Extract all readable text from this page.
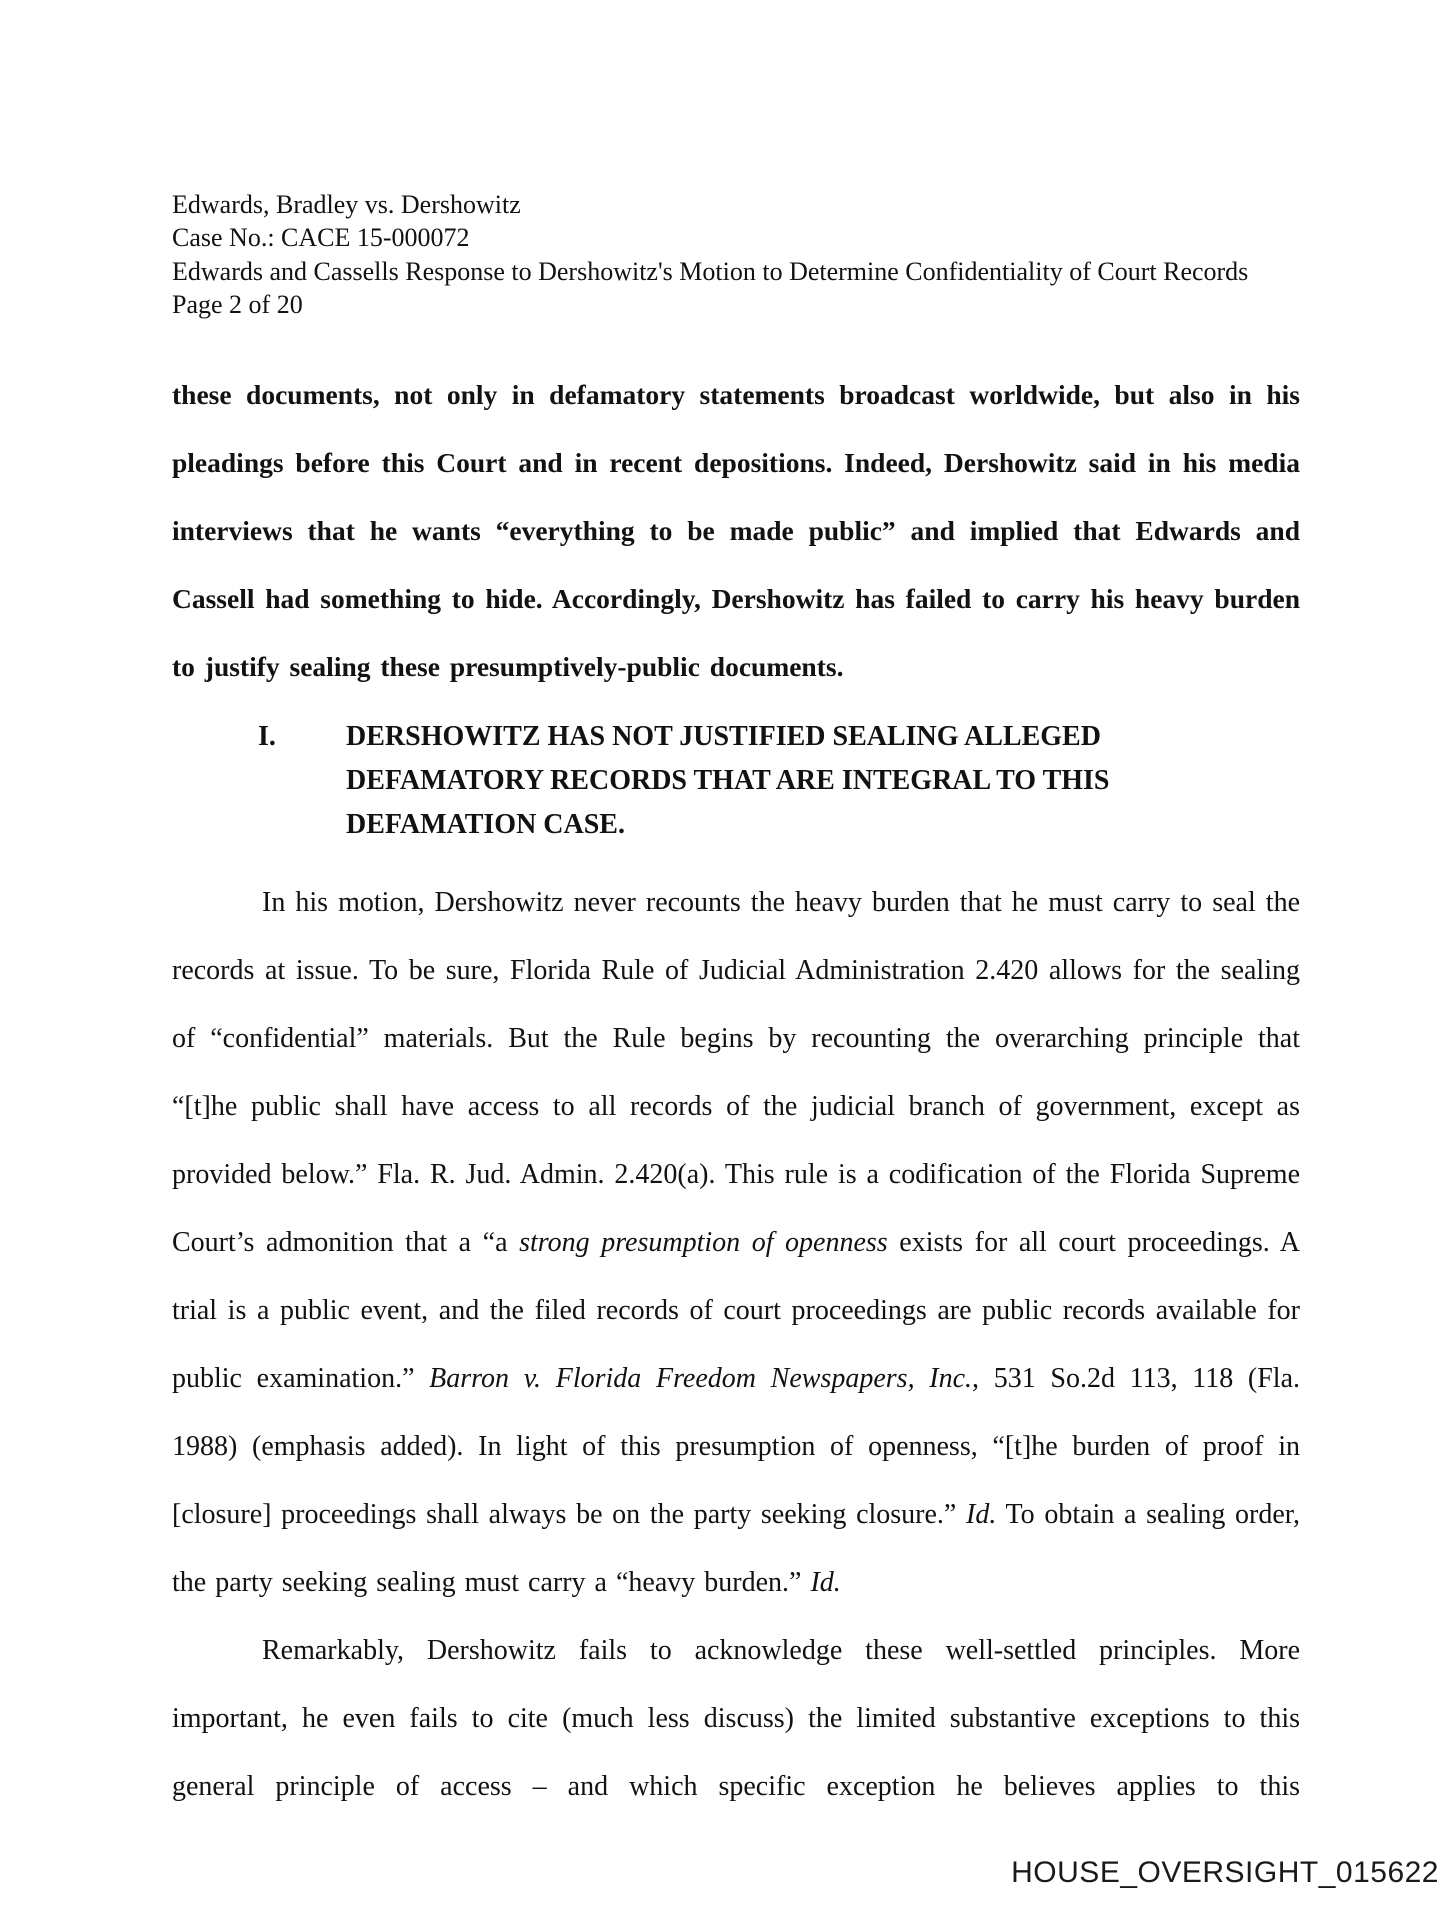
Edwards, Bradley vs. Dershowitz
Case No.: CACE 15-000072
Edwards and Cassells Response to Dershowitz's Motion to Determine Confidentiality of Court Records
Page 2 of 20

these documents, not only in defamatory statements broadcast worldwide, but also in his pleadings before this Court and in recent depositions. Indeed, Dershowitz said in his media interviews that he wants “everything to be made public” and implied that Edwards and Cassell had something to hide. Accordingly, Dershowitz has failed to carry his heavy burden to justify sealing these presumptively-public documents.

I.	DERSHOWITZ HAS NOT JUSTIFIED SEALING ALLEGED DEFAMATORY RECORDS THAT ARE INTEGRAL TO THIS DEFAMATION CASE.

In his motion, Dershowitz never recounts the heavy burden that he must carry to seal the records at issue. To be sure, Florida Rule of Judicial Administration 2.420 allows for the sealing of “confidential” materials. But the Rule begins by recounting the overarching principle that “[t]he public shall have access to all records of the judicial branch of government, except as provided below.” Fla. R. Jud. Admin. 2.420(a). This rule is a codification of the Florida Supreme Court’s admonition that a “a strong presumption of openness exists for all court proceedings. A trial is a public event, and the filed records of court proceedings are public records available for public examination.” Barron v. Florida Freedom Newspapers, Inc., 531 So.2d 113, 118 (Fla. 1988) (emphasis added). In light of this presumption of openness, “[t]he burden of proof in [closure] proceedings shall always be on the party seeking closure.” Id. To obtain a sealing order, the party seeking sealing must carry a “heavy burden.” Id.

Remarkably, Dershowitz fails to acknowledge these well-settled principles. More important, he even fails to cite (much less discuss) the limited substantive exceptions to this general principle of access – and which specific exception he believes applies to this

HOUSE_OVERSIGHT_015622
